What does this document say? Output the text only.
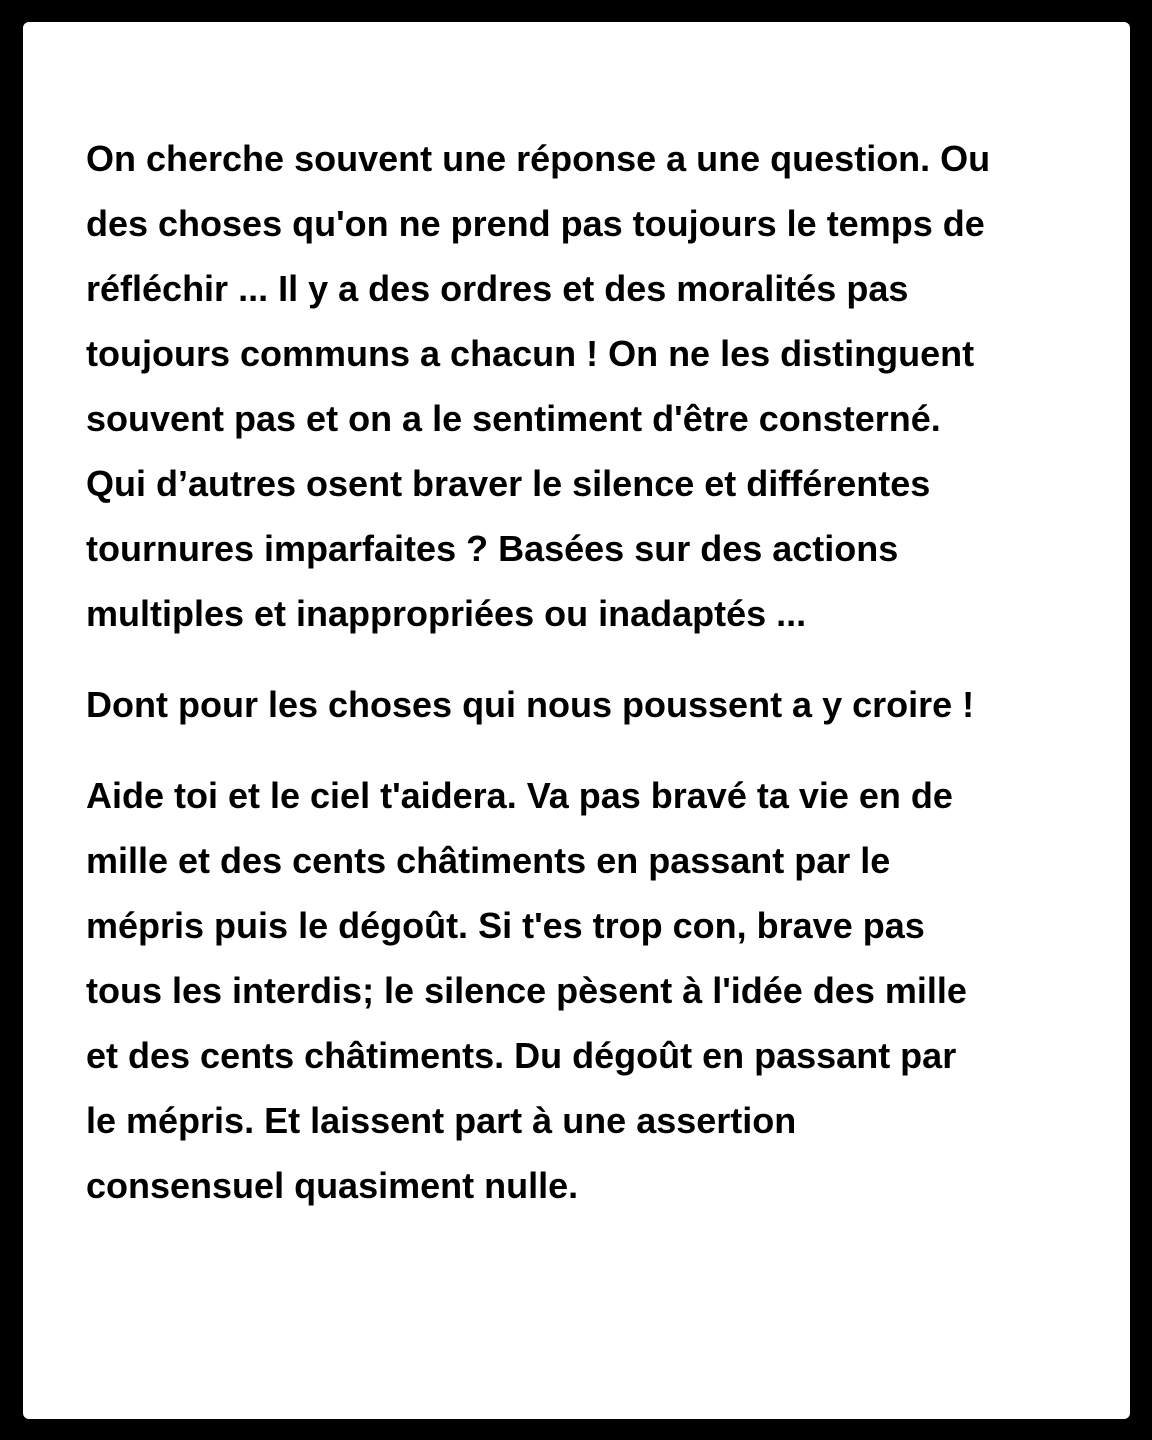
On cherche souvent une réponse a une question. Ou
des choses qu'on ne prend pas toujours le temps de
réfléchir ... Il y a des ordres et des moralités pas
toujours communs a chacun ! On ne les distinguent
souvent pas et on a le sentiment d'être consterné.
Qui d’autres osent braver le silence et différentes
tournures imparfaites ? Basées sur des actions
multiples et inappropriées ou inadaptés ...
Dont pour les choses qui nous poussent a y croire !
Aide toi et le ciel t'aidera. Va pas bravé ta vie en de
mille et des cents châtiments en passant par le
mépris puis le dégoût. Si t'es trop con, brave pas
tous les interdis; le silence pèsent à l'idée des mille
et des cents châtiments. Du dégoût en passant par
le mépris. Et laissent part à une assertion
consensuel quasiment nulle.
